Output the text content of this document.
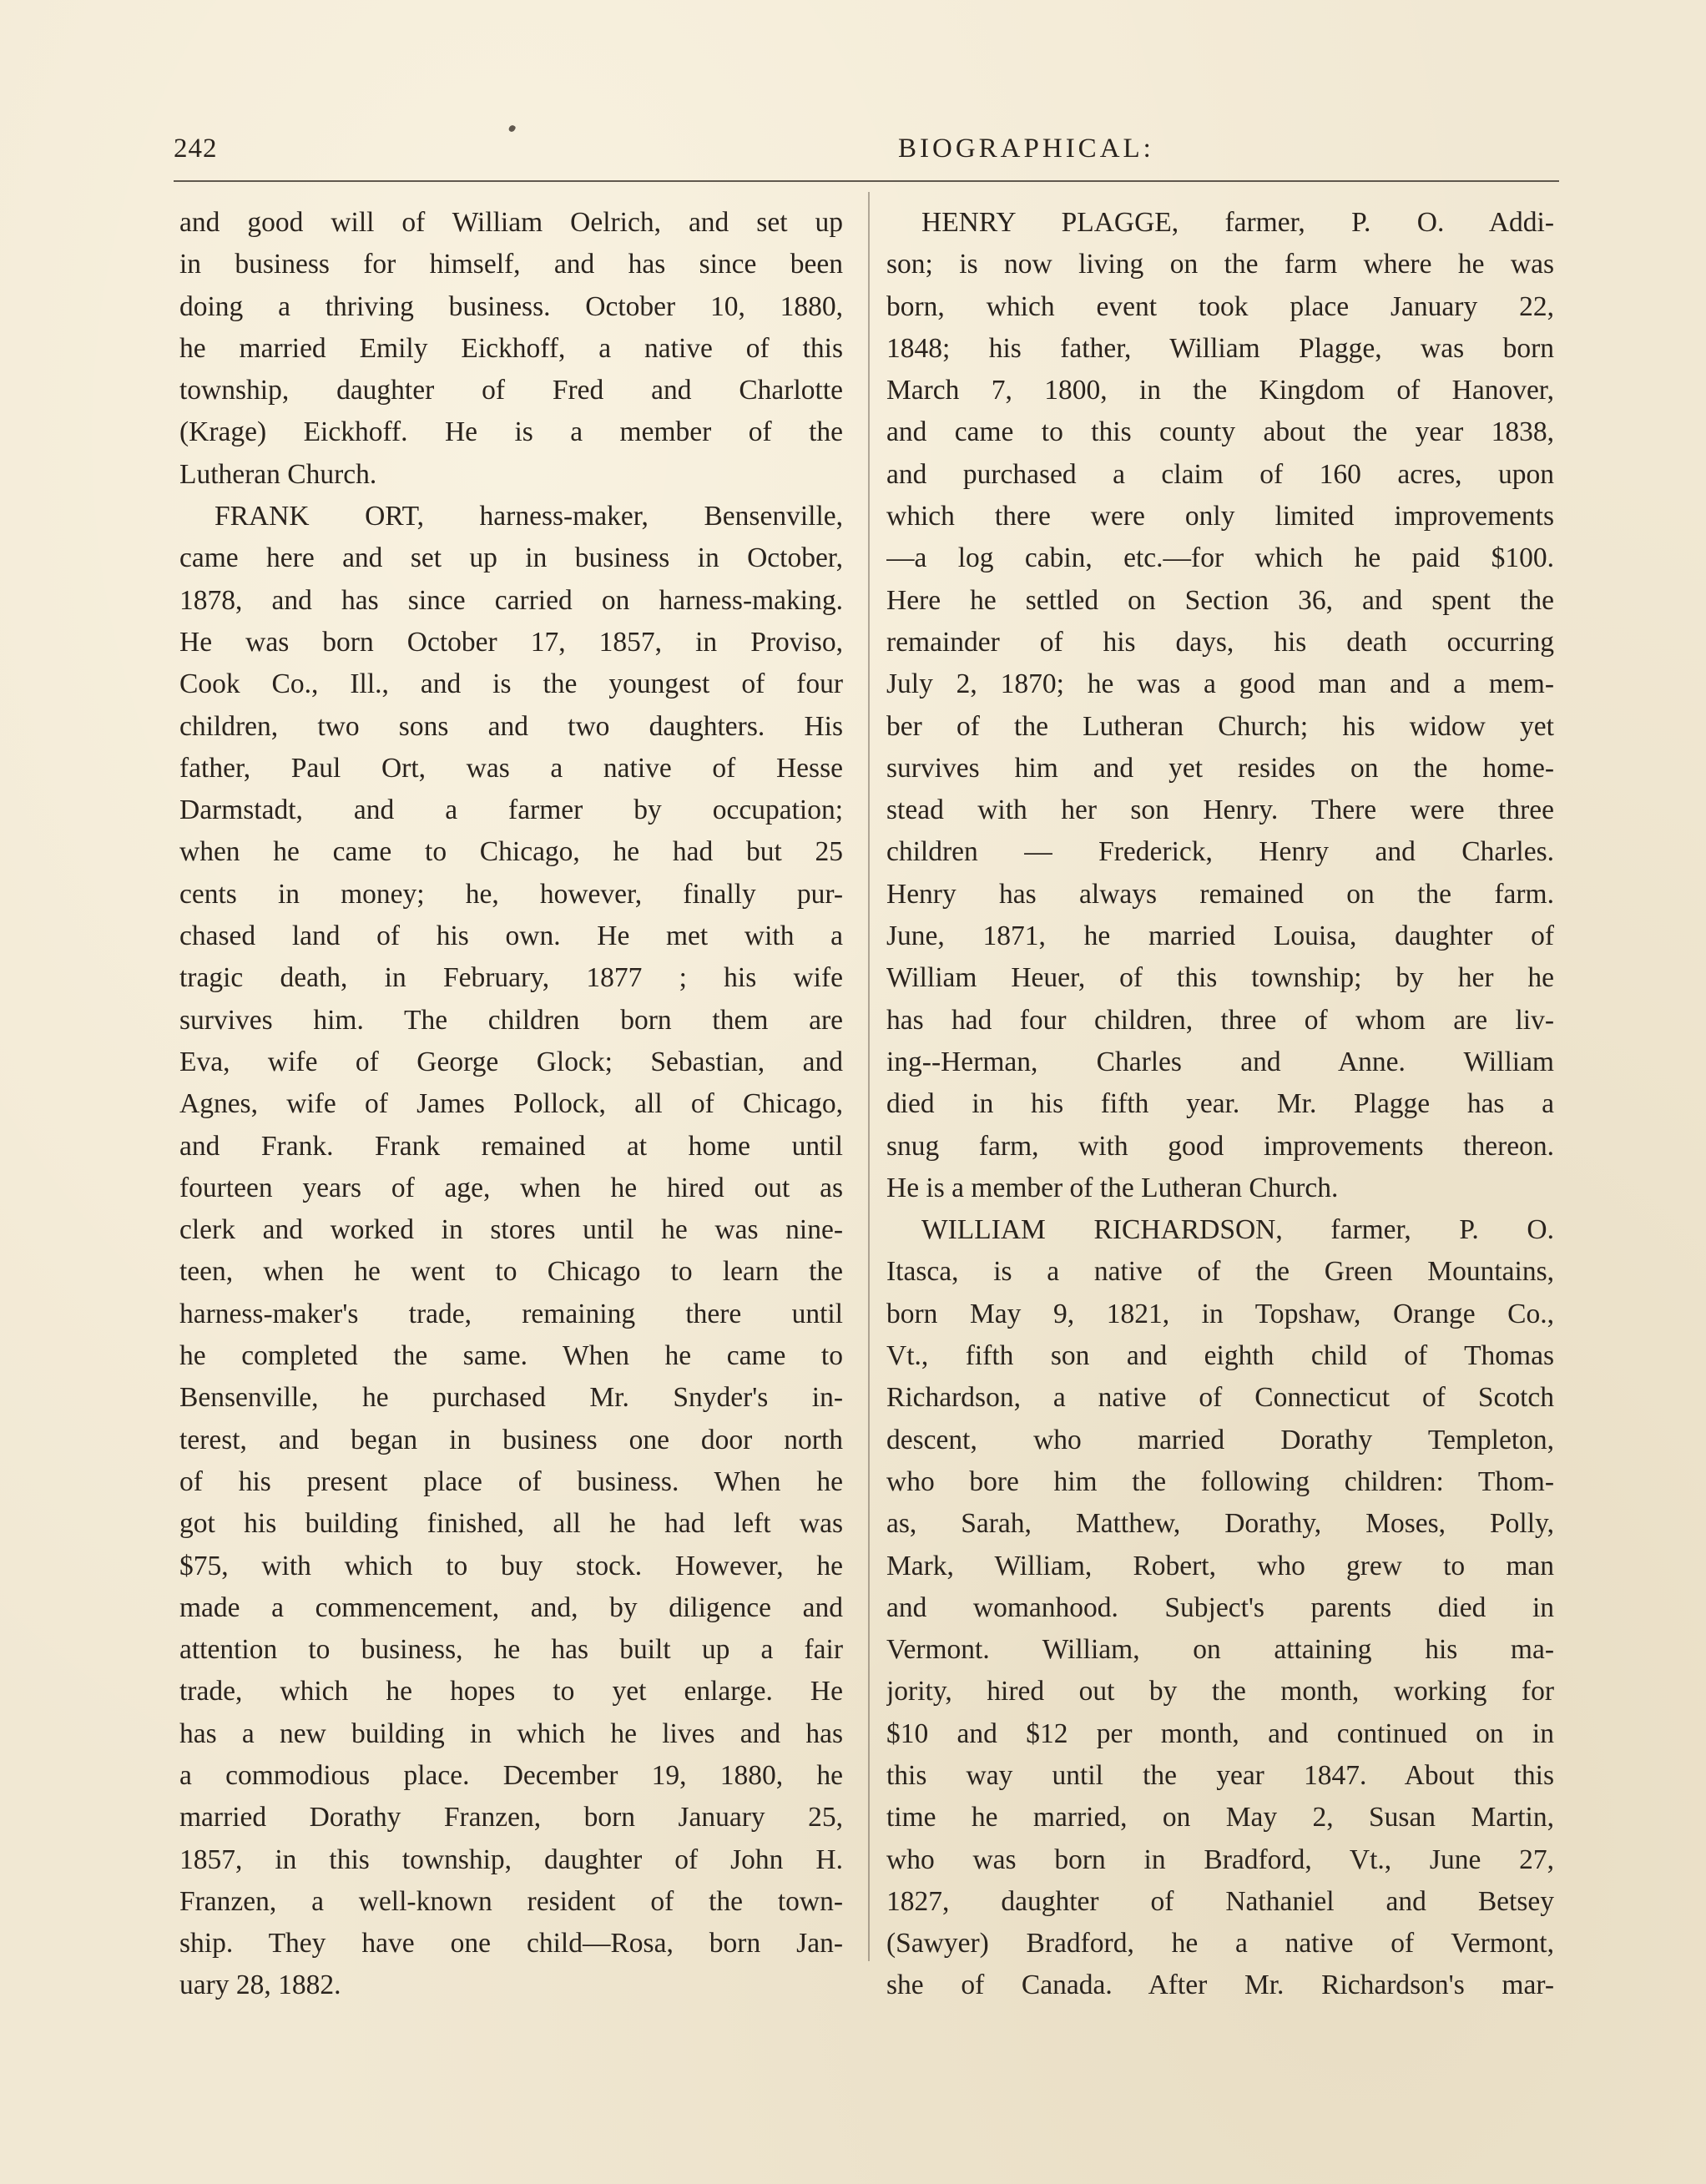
242	BIOGRAPHICAL:
and good will of William Oelrich, and set up
in business for himself, and has since been
doing a thriving business. October 10, 1880,
he married Emily Eickhoff, a native of this
township, daughter of Fred and Charlotte
(Krage) Eickhoff. He is a member of the
Lutheran Church.
FRANK ORT, harness-maker, Bensenville,
came here and set up in business in October,
1878, and has since carried on harness-making.
He was born October 17, 1857, in Proviso,
Cook Co., Ill., and is the youngest of four
children, two sons and two daughters. His
father, Paul Ort, was a native of Hesse
Darmstadt, and a farmer by occupation;
when he came to Chicago, he had but 25
cents in money; he, however, finally pur-
chased land of his own. He met with a
tragic death, in February, 1877 ; his wife
survives him. The children born them are
Eva, wife of George Glock; Sebastian, and
Agnes, wife of James Pollock, all of Chicago,
and Frank. Frank remained at home until
fourteen years of age, when he hired out as
clerk and worked in stores until he was nine-
teen, when he went to Chicago to learn the
harness-maker's trade, remaining there until
he completed the same. When he came to
Bensenville, he purchased Mr. Snyder's in-
terest, and began in business one door north
of his present place of business. When he
got his building finished, all he had left was
$75, with which to buy stock. However, he
made a commencement, and, by diligence and
attention to business, he has built up a fair
trade, which he hopes to yet enlarge. He
has a new building in which he lives and has
a commodious place. December 19, 1880, he
married Dorathy Franzen, born January 25,
1857, in this township, daughter of John H.
Franzen, a well-known resident of the town-
ship. They have one child—Rosa, born Jan-
uary 28, 1882.
HENRY PLAGGE, farmer, P. O. Addi-
son; is now living on the farm where he was
born, which event took place January 22,
1848; his father, William Plagge, was born
March 7, 1800, in the Kingdom of Hanover,
and came to this county about the year 1838,
and purchased a claim of 160 acres, upon
which there were only limited improvements
—a log cabin, etc.—for which he paid $100.
Here he settled on Section 36, and spent the
remainder of his days, his death occurring
July 2, 1870; he was a good man and a mem-
ber of the Lutheran Church; his widow yet
survives him and yet resides on the home-
stead with her son Henry. There were three
children — Frederick, Henry and Charles.
Henry has always remained on the farm.
June, 1871, he married Louisa, daughter of
William Heuer, of this township; by her he
has had four children, three of whom are liv-
ing--Herman, Charles and Anne. William
died in his fifth year. Mr. Plagge has a
snug farm, with good improvements thereon.
He is a member of the Lutheran Church.
WILLIAM RICHARDSON, farmer, P. O.
Itasca, is a native of the Green Mountains,
born May 9, 1821, in Topshaw, Orange Co.,
Vt., fifth son and eighth child of Thomas
Richardson, a native of Connecticut of Scotch
descent, who married Dorathy Templeton,
who bore him the following children: Thom-
as, Sarah, Matthew, Dorathy, Moses, Polly,
Mark, William, Robert, who grew to man
and womanhood. Subject's parents died in
Vermont. William, on attaining his ma-
jority, hired out by the month, working for
$10 and $12 per month, and continued on in
this way until the year 1847. About this
time he married, on May 2, Susan Martin,
who was born in Bradford, Vt., June 27,
1827, daughter of Nathaniel and Betsey
(Sawyer) Bradford, he a native of Vermont,
she of Canada. After Mr. Richardson's mar-
